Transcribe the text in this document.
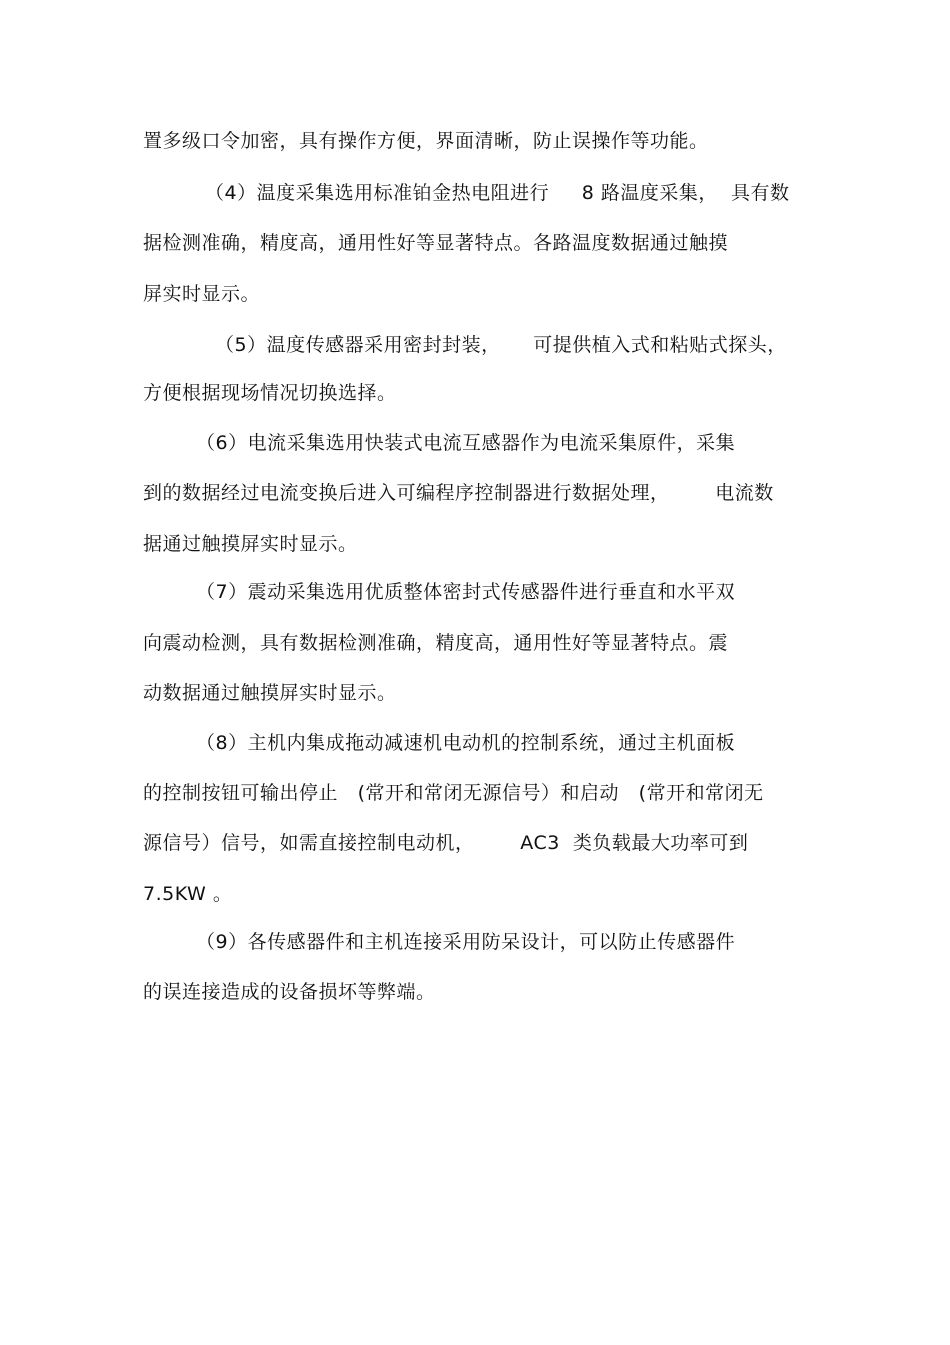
置多级口令加密，具有操作方便，界面清晰，防止误操作等功能。
（4）温度采集选用标准铂金热电阻进行     8 路温度采集，  具有数
据检测准确，精度高，通用性好等显著特点。各路温度数据通过触摸
屏实时显示。
（5）温度传感器采用密封封装，     可提供植入式和粘贴式探头，
方便根据现场情况切换选择。
（6）电流采集选用快装式电流互感器作为电流采集原件，采集
到的数据经过电流变换后进入可编程序控制器进行数据处理，       电流数
据通过触摸屏实时显示。
（7）震动采集选用优质整体密封式传感器件进行垂直和水平双
向震动检测，具有数据检测准确，精度高，通用性好等显著特点。震
动数据通过触摸屏实时显示。
（8）主机内集成拖动减速机电动机的控制系统，通过主机面板
的控制按钮可输出停止   (常开和常闭无源信号）和启动   (常开和常闭无
源信号）信号，如需直接控制电动机，       AC3  类负载最大功率可到
7.5KW 。
（9）各传感器件和主机连接采用防呆设计，可以防止传感器件
的误连接造成的设备损坏等弊端。
